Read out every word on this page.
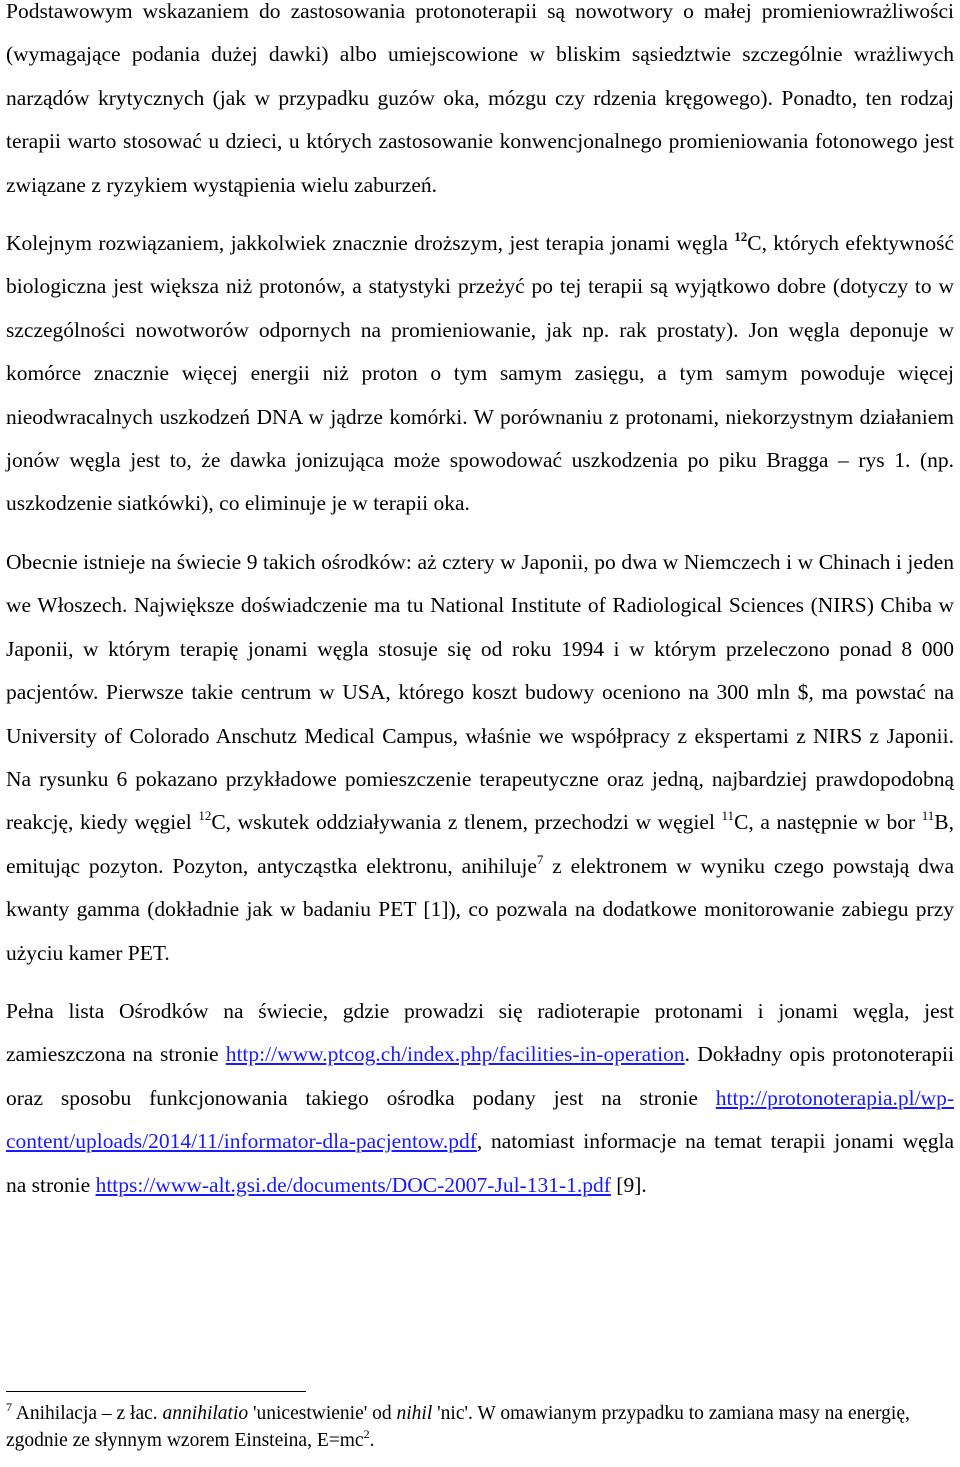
Podstawowym wskazaniem do zastosowania protonoterapii są nowotwory o małej promieniowrażliwości (wymagające podania dużej dawki) albo umiejscowione w bliskim sąsiedztwie szczególnie wrażliwych narządów krytycznych (jak w przypadku guzów oka, mózgu czy rdzenia kręgowego). Ponadto, ten rodzaj terapii warto stosować u dzieci, u których zastosowanie konwencjonalnego promieniowania fotonowego jest związane z ryzykiem wystąpienia wielu zaburzeń.

Kolejnym rozwiązaniem, jakkolwiek znacznie droższym, jest terapia jonami węgla $^{12}$C, których efektywność biologiczna jest większa niż protonów, a statystyki przeżyć po tej terapii są wyjątkowo dobre (dotyczy to w szczególności nowotworów odpornych na promieniowanie, jak np. rak prostaty). Jon węgla deponuje w komórce znacznie więcej energii niż proton o tym samym zasięgu, a tym samym powoduje więcej nieodwracalnych uszkodzeń DNA w jądrze komórki. W porównaniu z protonami, niekorzystnym działaniem jonów węgla jest to, że dawka jonizująca może spowodować uszkodzenia po piku Bragga – rys 1. (np. uszkodzenie siatkówki), co eliminuje je w terapii oka.

Obecnie istnieje na świecie 9 takich ośrodków: aż cztery w Japonii, po dwa w Niemczech i w Chinach i jeden we Włoszech. Największe doświadczenie ma tu National Institute of Radiological Sciences (NIRS) Chiba w Japonii, w którym terapię jonami węgla stosuje się od roku 1994 i w którym przeleczono ponad 8 000 pacjentów. Pierwsze takie centrum w USA, którego koszt budowy oceniono na 300 mln $, ma powstać na University of Colorado Anschutz Medical Campus, właśnie we współpracy z ekspertami z NIRS z Japonii. Na rysunku 6 pokazano przykładowe pomieszczenie terapeutyczne oraz jedną, najbardziej prawdopodobną reakcję, kiedy węgiel $^{12}$C, wskutek oddziaływania z tlenem, przechodzi w węgiel $^{11}$C, a następnie w bor $^{11}$B, emitując pozyton. Pozyton, antycząstka elektronu, anihiluje$^7$ z elektronem w wyniku czego powstają dwa kwanty gamma (dokładnie jak w badaniu PET [1]), co pozwala na dodatkowe monitorowanie zabiegu przy użyciu kamer PET.

Pełna lista Ośrodków na świecie, gdzie prowadzi się radioterapie protonami i jonami węgla, jest zamieszczona na stronie http://www.ptcog.ch/index.php/facilities-in-operation. Dokładny opis protonoterapii oraz sposobu funkcjonowania takiego ośrodka podany jest na stronie http://protonoterapia.pl/wp-content/uploads/2014/11/informator-dla-pacjentow.pdf, natomiast informacje na temat terapii jonami węgla na stronie https://www-alt.gsi.de/documents/DOC-2007-Jul-131-1.pdf [9].

$^7$ Anihilacja – z łac. annihilatio 'unicestwienie' od nihil 'nic'. W omawianym przypadku to zamiana masy na energię, zgodnie ze słynnym wzorem Einsteina, $E=mc^2$.
